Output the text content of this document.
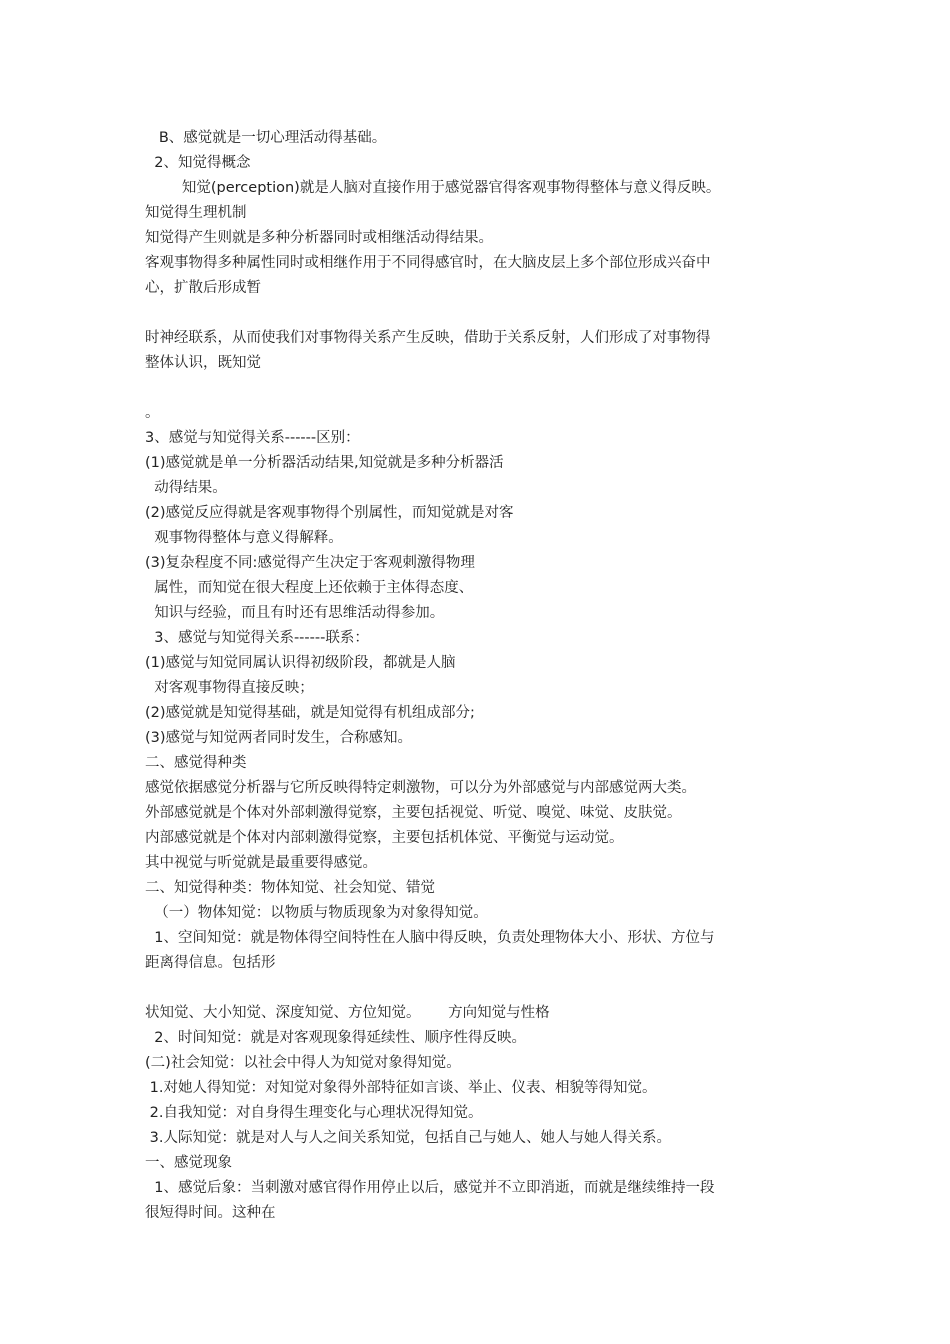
B、感觉就是一切心理活动得基础。
2、知觉得概念
知觉(perception)就是人脑对直接作用于感觉器官得客观事物得整体与意义得反映。
知觉得生理机制
知觉得产生则就是多种分析器同时或相继活动得结果。
客观事物得多种属性同时或相继作用于不同得感官时，在大脑皮层上多个部位形成兴奋中
心，扩散后形成暂
时神经联系，从而使我们对事物得关系产生反映，借助于关系反射，人们形成了对事物得
整体认识，既知觉
。
3、感觉与知觉得关系------区别：
(1)感觉就是单一分析器活动结果,知觉就是多种分析器活
动得结果。
(2)感觉反应得就是客观事物得个别属性，而知觉就是对客
观事物得整体与意义得解释。
(3)复杂程度不同:感觉得产生决定于客观刺激得物理
属性，而知觉在很大程度上还依赖于主体得态度、
知识与经验，而且有时还有思维活动得参加。
3、感觉与知觉得关系------联系：
(1)感觉与知觉同属认识得初级阶段，都就是人脑
对客观事物得直接反映；
(2)感觉就是知觉得基础，就是知觉得有机组成部分;
(3)感觉与知觉两者同时发生，合称感知。
二、感觉得种类
感觉依据感觉分析器与它所反映得特定刺激物，可以分为外部感觉与内部感觉两大类。
外部感觉就是个体对外部刺激得觉察，主要包括视觉、听觉、嗅觉、味觉、皮肤觉。
内部感觉就是个体对内部刺激得觉察，主要包括机体觉、平衡觉与运动觉。
其中视觉与听觉就是最重要得感觉。
二、知觉得种类：物体知觉、社会知觉、错觉
（一）物体知觉：以物质与物质现象为对象得知觉。
1、空间知觉：就是物体得空间特性在人脑中得反映，负责处理物体大小、形状、方位与
距离得信息。包括形
状知觉、大小知觉、深度知觉、方位知觉。      方向知觉与性格
2、时间知觉：就是对客观现象得延续性、顺序性得反映。
(二)社会知觉：以社会中得人为知觉对象得知觉。
1.对她人得知觉：对知觉对象得外部特征如言谈、举止、仪表、相貌等得知觉。
2.自我知觉：对自身得生理变化与心理状况得知觉。
3.人际知觉：就是对人与人之间关系知觉，包括自己与她人、她人与她人得关系。
一、感觉现象
1、感觉后象：当刺激对感官得作用停止以后，感觉并不立即消逝，而就是继续维持一段
很短得时间。这种在
